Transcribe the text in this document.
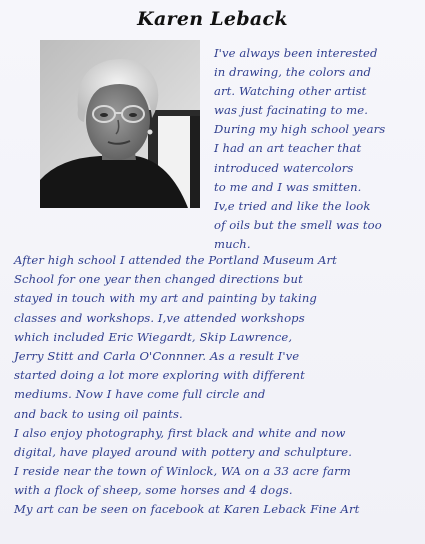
Karen Leback
I've always been interested
in drawing, the colors and
art. Watching other artist
was just facinating to me.
During my high school years
I had an art teacher that
introduced watercolors
to me and I was smitten.
Iv,e tried and like the look
of oils but the smell was too
much.
After high school I attended the Portland Museum Art
School for one year then changed directions but
stayed in touch with my art and painting by taking
classes and workshops. I,ve attended workshops
which included Eric Wiegardt, Skip Lawrence,
Jerry Stitt and Carla O'Connner. As a result I've
started doing a lot more exploring with different
mediums. Now I have come full circle and
and back to using oil paints.
I also enjoy photography, first black and white and now
digital, have played around with pottery and schulpture.
I reside near the town of Winlock, WA on a 33 acre farm
with a flock of sheep, some horses and 4 dogs.
My art can be seen on facebook at Karen Leback Fine Art
